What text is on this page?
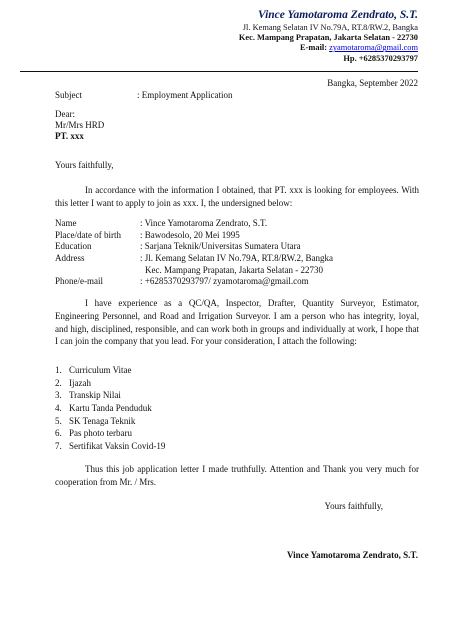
Vince Yamotaroma Zendrato, S.T.
Jl. Kemang Selatan IV No.79A, RT.8/RW.2, Bangka
Kec. Mampang Prapatan, Jakarta Selatan - 22730
E-mail: zyamotaroma@gmail.com
Hp. +6285370293797
Bangka, September 2022
Subject	: Employment Application
Dear:
Mr/Mrs HRD
PT. xxx
Yours faithfully,
In accordance with the information I obtained, that PT. xxx is looking for employees. With this letter I want to apply to join as xxx. I, the undersigned below:
Name	: Vince Yamotaroma Zendrato, S.T.
Place/date of birth	: Bawodesolo, 20 Mei 1995
Education	: Sarjana Teknik/Universitas Sumatera Utara
Address	: Jl. Kemang Selatan IV No.79A, RT.8/RW.2, Bangka
Kec. Mampang Prapatan, Jakarta Selatan - 22730
Phone/e-mail	: +6285370293797/ zyamotaroma@gmail.com
I have experience as a QC/QA, Inspector, Drafter, Quantity Surveyor, Estimator, Engineering Personnel, and Road and Irrigation Surveyor. I am a person who has integrity, loyal, and high, disciplined, responsible, and can work both in groups and individually at work, I hope that I can join the company that you lead. For your consideration, I attach the following:
1. Curriculum Vitae
2. Ijazah
3. Transkip Nilai
4. Kartu Tanda Penduduk
5. SK Tenaga Teknik
6. Pas photo terbaru
7. Sertifikat Vaksin Covid-19
Thus this job application letter I made truthfully. Attention and Thank you very much for cooperation from Mr. / Mrs.
Yours faithfully,
Vince Yamotaroma Zendrato, S.T.
